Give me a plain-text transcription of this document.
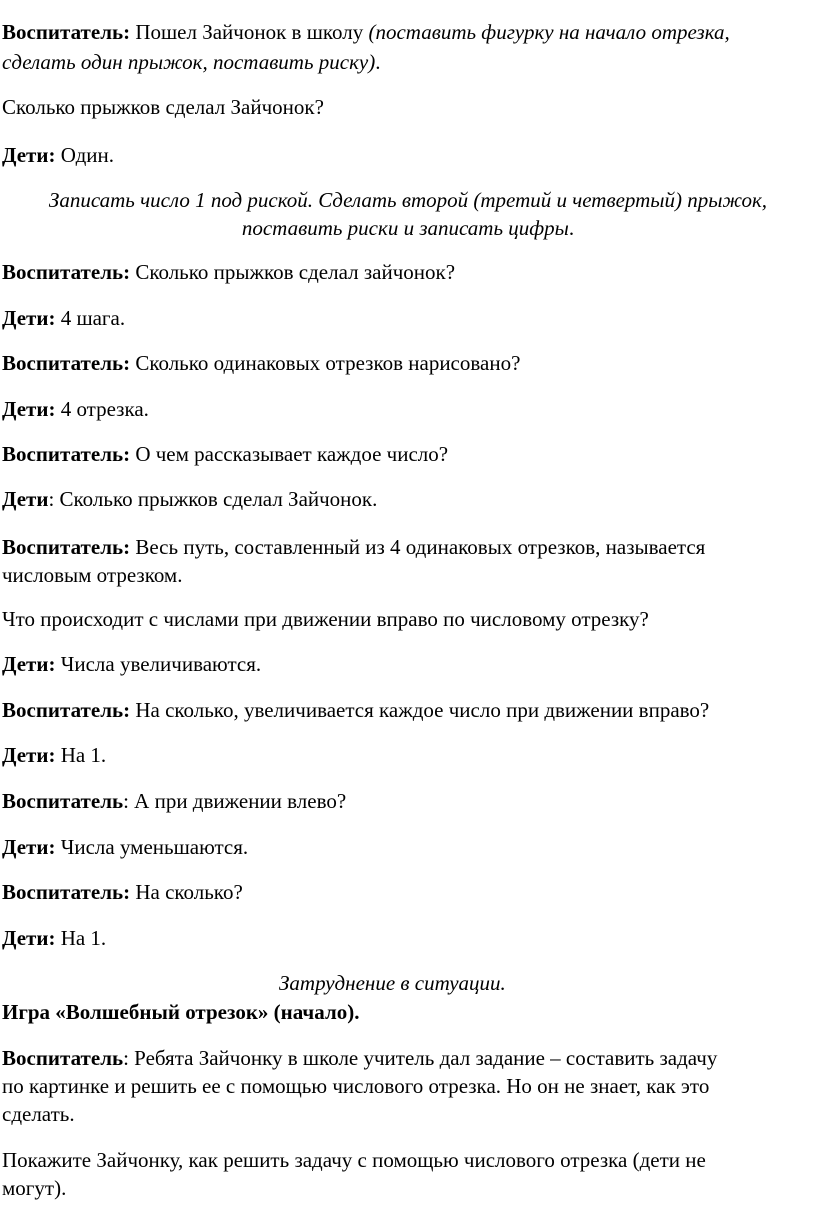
Воспитатель: Пошел Зайчонок в школу (поставить фигурку на начало отрезка,
сделать один прыжок, поставить риску).
Сколько прыжков сделал Зайчонок?
Дети: Один.
Записать число 1 под риской. Сделать второй (третий и четвертый) прыжок,
поставить риски и записать цифры.
Воспитатель: Сколько прыжков сделал зайчонок?
Дети: 4 шага.
Воспитатель: Сколько одинаковых отрезков нарисовано?
Дети: 4 отрезка.
Воспитатель: О чем рассказывает каждое число?
Дети: Сколько прыжков сделал Зайчонок.
Воспитатель: Весь путь, составленный из 4 одинаковых отрезков, называется
числовым отрезком.
Что происходит с числами при движении вправо по числовому отрезку?
Дети: Числа увеличиваются.
Воспитатель: На сколько, увеличивается каждое число при движении вправо?
Дети: На 1.
Воспитатель: А при движении влево?
Дети: Числа уменьшаются.
Воспитатель: На сколько?
Дети: На 1.
Затруднение в ситуации.
Игра «Волшебный отрезок» (начало).
Воспитатель: Ребята Зайчонку в школе учитель дал задание – составить задачу
по картинке и решить ее с помощью числового отрезка. Но он не знает, как это
сделать.
Покажите Зайчонку, как решить задачу с помощью числового отрезка (дети не
могут).
